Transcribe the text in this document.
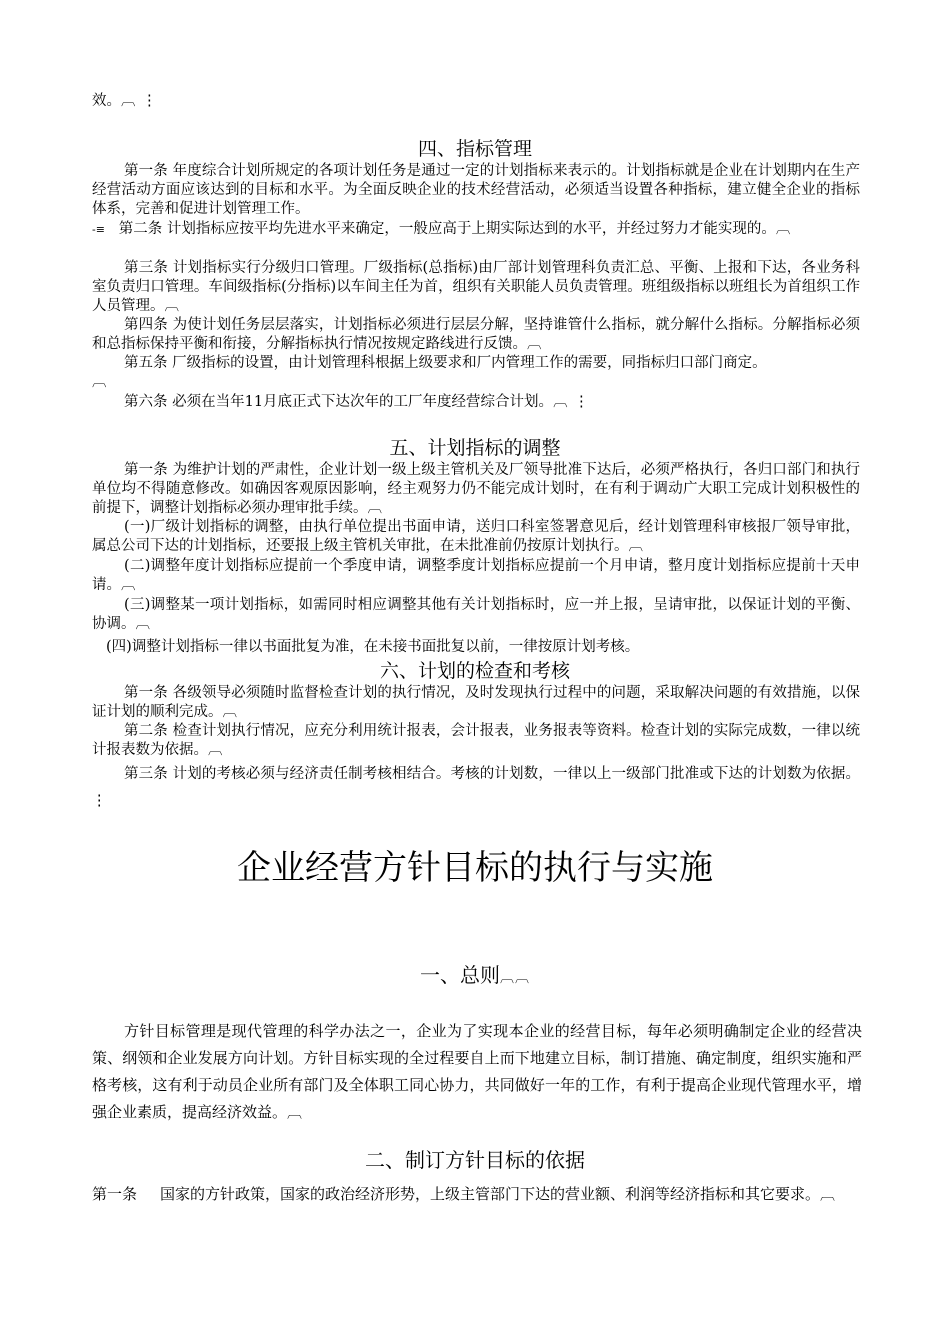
效。︹ ⋮
四、指标管理
第一条 年度综合计划所规定的各项计划任务是通过一定的计划指标来表示的。计划指标就是企业在计划期内在生产经营活动方面应该达到的目标和水平。为全面反映企业的技术经营活动，必须适当设置各种指标，建立健全企业的指标体系，完善和促进计划管理工作。
-≡ 第二条 计划指标应按平均先进水平来确定，一般应高于上期实际达到的水平，并经过努力才能实现的。︹
第三条 计划指标实行分级归口管理。厂级指标(总指标)由厂部计划管理科负责汇总、平衡、上报和下达，各业务科室负责归口管理。车间级指标(分指标)以车间主任为首，组织有关职能人员负责管理。班组级指标以班组长为首组织工作人员管理。︹
第四条 为使计划任务层层落实，计划指标必须进行层层分解，坚持谁管什么指标，就分解什么指标。分解指标必须和总指标保持平衡和衔接，分解指标执行情况按规定路线进行反馈。︹
第五条 厂级指标的设置，由计划管理科根据上级要求和厂内管理工作的需要，同指标归口部门商定。
︹
第六条 必须在当年11月底正式下达次年的工厂年度经营综合计划。︹ ⋮
五、计划指标的调整
第一条 为维护计划的严肃性，企业计划一级上级主管机关及厂领导批准下达后，必须严格执行，各归口部门和执行单位均不得随意修改。如确因客观原因影响，经主观努力仍不能完成计划时，在有利于调动广大职工完成计划积极性的前提下，调整计划指标必须办理审批手续。︹
(一)厂级计划指标的调整，由执行单位提出书面申请，送归口科室签署意见后，经计划管理科审核报厂领导审批，属总公司下达的计划指标，还要报上级主管机关审批，在未批准前仍按原计划执行。︹
(二)调整年度计划指标应提前一个季度申请，调整季度计划指标应提前一个月申请，整月度计划指标应提前十天申请。︹
(三)调整某一项计划指标，如需同时相应调整其他有关计划指标时，应一并上报，呈请审批，以保证计划的平衡、协调。︹
(四)调整计划指标一律以书面批复为准，在未接书面批复以前，一律按原计划考核。
六、计划的检查和考核
第一条 各级领导必须随时监督检查计划的执行情况，及时发现执行过程中的问题，采取解决问题的有效措施，以保证计划的顺利完成。︹
第二条 检查计划执行情况，应充分利用统计报表，会计报表，业务报表等资料。检查计划的实际完成数，一律以统计报表数为依据。︹
第三条 计划的考核必须与经济责任制考核相结合。考核的计划数，一律以上一级部门批准或下达的计划数为依据。 ⋮
企业经营方针目标的执行与实施
一、总则︹︹
方针目标管理是现代管理的科学办法之一，企业为了实现本企业的经营目标，每年必须明确制定企业的经营决策、纲领和企业发展方向计划。方针目标实现的全过程要自上而下地建立目标，制订措施、确定制度，组织实施和严格考核，这有利于动员企业所有部门及全体职工同心协力，共同做好一年的工作，有利于提高企业现代管理水平，增强企业素质，提高经济效益。︹
二、制订方针目标的依据
第一条	国家的方针政策，国家的政治经济形势，上级主管部门下达的营业额、利润等经济指标和其它要求。︹
